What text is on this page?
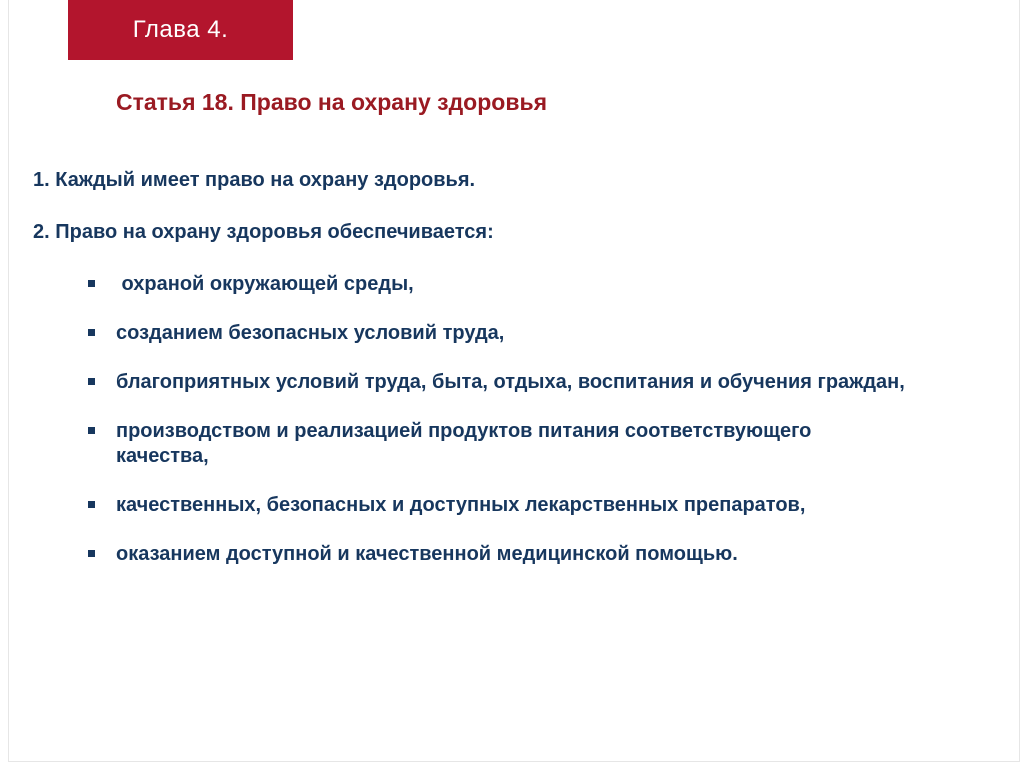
Глава 4.
Статья 18. Право на охрану здоровья

1. Каждый имеет право на охрану здоровья.

2. Право на охрану здоровья обеспечивается:

охраной окружающей среды,
созданием безопасных условий труда,
благоприятных условий труда, быта, отдыха, воспитания и обучения граждан,
производством и реализацией продуктов питания соответствующего качества,
качественных, безопасных и доступных лекарственных препаратов,
оказанием доступной и качественной медицинской помощью.
